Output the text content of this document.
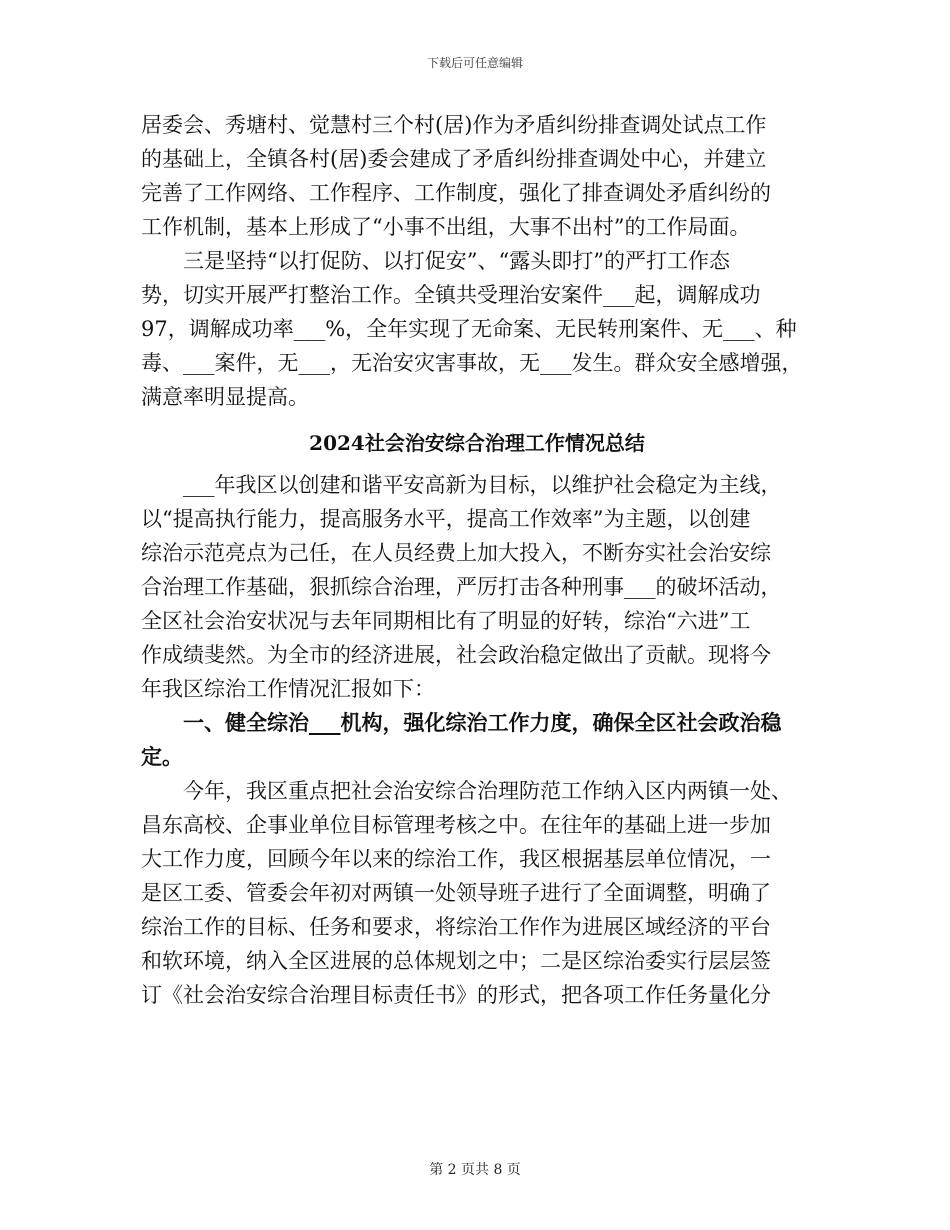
下载后可任意编辑
居委会、秀塘村、觉慧村三个村(居)作为矛盾纠纷排查调处试点工作
的基础上，全镇各村(居)委会建成了矛盾纠纷排查调处中心，并建立
完善了工作网络、工作程序、工作制度，强化了排查调处矛盾纠纷的
工作机制，基本上形成了“小事不出组，大事不出村”的工作局面。
三是坚持“以打促防、以打促安”、“露头即打”的严打工作态
势，切实开展严打整治工作。全镇共受理治安案件___起，调解成功
97，调解成功率___%，全年实现了无命案、无民转刑案件、无___、种
毒、___案件，无___，无治安灾害事故，无___发生。群众安全感增强，
满意率明显提高。
2024社会治安综合治理工作情况总结
___年我区以创建和谐平安高新为目标，以维护社会稳定为主线，
以“提高执行能力，提高服务水平，提高工作效率”为主题，以创建
综治示范亮点为己任，在人员经费上加大投入，不断夯实社会治安综
合治理工作基础，狠抓综合治理，严厉打击各种刑事___的破坏活动，
全区社会治安状况与去年同期相比有了明显的好转，综治“六进”工
作成绩斐然。为全市的经济进展，社会政治稳定做出了贡献。现将今
年我区综治工作情况汇报如下：
一、健全综治___机构，强化综治工作力度，确保全区社会政治稳
定。
今年，我区重点把社会治安综合治理防范工作纳入区内两镇一处、
昌东高校、企事业单位目标管理考核之中。在往年的基础上进一步加
大工作力度，回顾今年以来的综治工作，我区根据基层单位情况，一
是区工委、管委会年初对两镇一处领导班子进行了全面调整，明确了
综治工作的目标、任务和要求，将综治工作作为进展区域经济的平台
和软环境，纳入全区进展的总体规划之中；二是区综治委实行层层签
订《社会治安综合治理目标责任书》的形式，把各项工作任务量化分
第 2 页共 8 页
